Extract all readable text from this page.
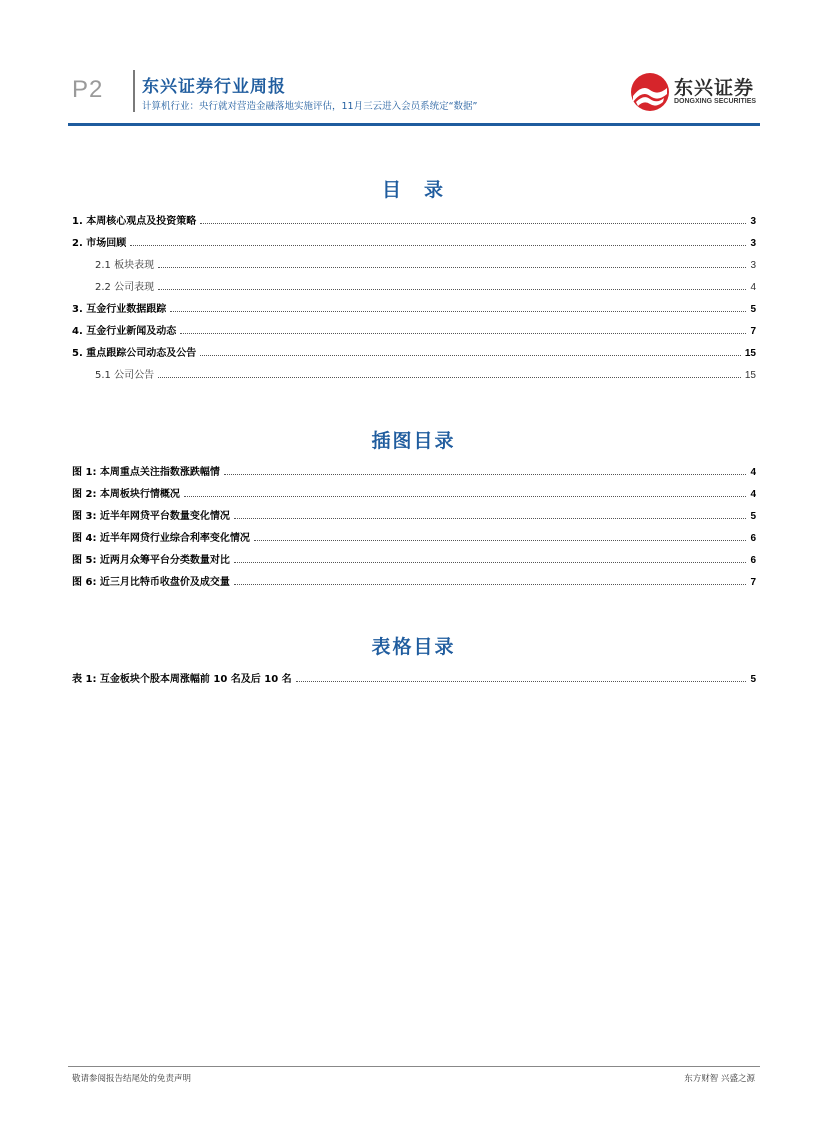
P2 东兴证券行业周报
计算机行业：央行就对营造金融落地实施评估，11月三云进入会员系统定“数据”
东兴证券
DONGXING SECURITIES
目　录
1. 本周核心观点及投资策略	3
2. 市场回顾	3
2.1 板块表现	3
2.2 公司表现	4
3. 互金行业数据跟踪	5
4. 互金行业新闻及动态	7
5. 重点跟踪公司动态及公告	15
5.1 公司公告	15
插图目录
图 1: 本周重点关注指数涨跌幅情	4
图 2: 本周板块行情概况	4
图 3: 近半年网贷平台数量变化情况	5
图 4: 近半年网贷行业综合利率变化情况	6
图 5: 近两月众筹平台分类数量对比	6
图 6: 近三月比特币收盘价及成交量	7
表格目录
表 1: 互金板块个股本周涨幅前 10 名及后 10 名	5
敬请参阅报告结尾处的免责声明	东方财智 兴盛之源
